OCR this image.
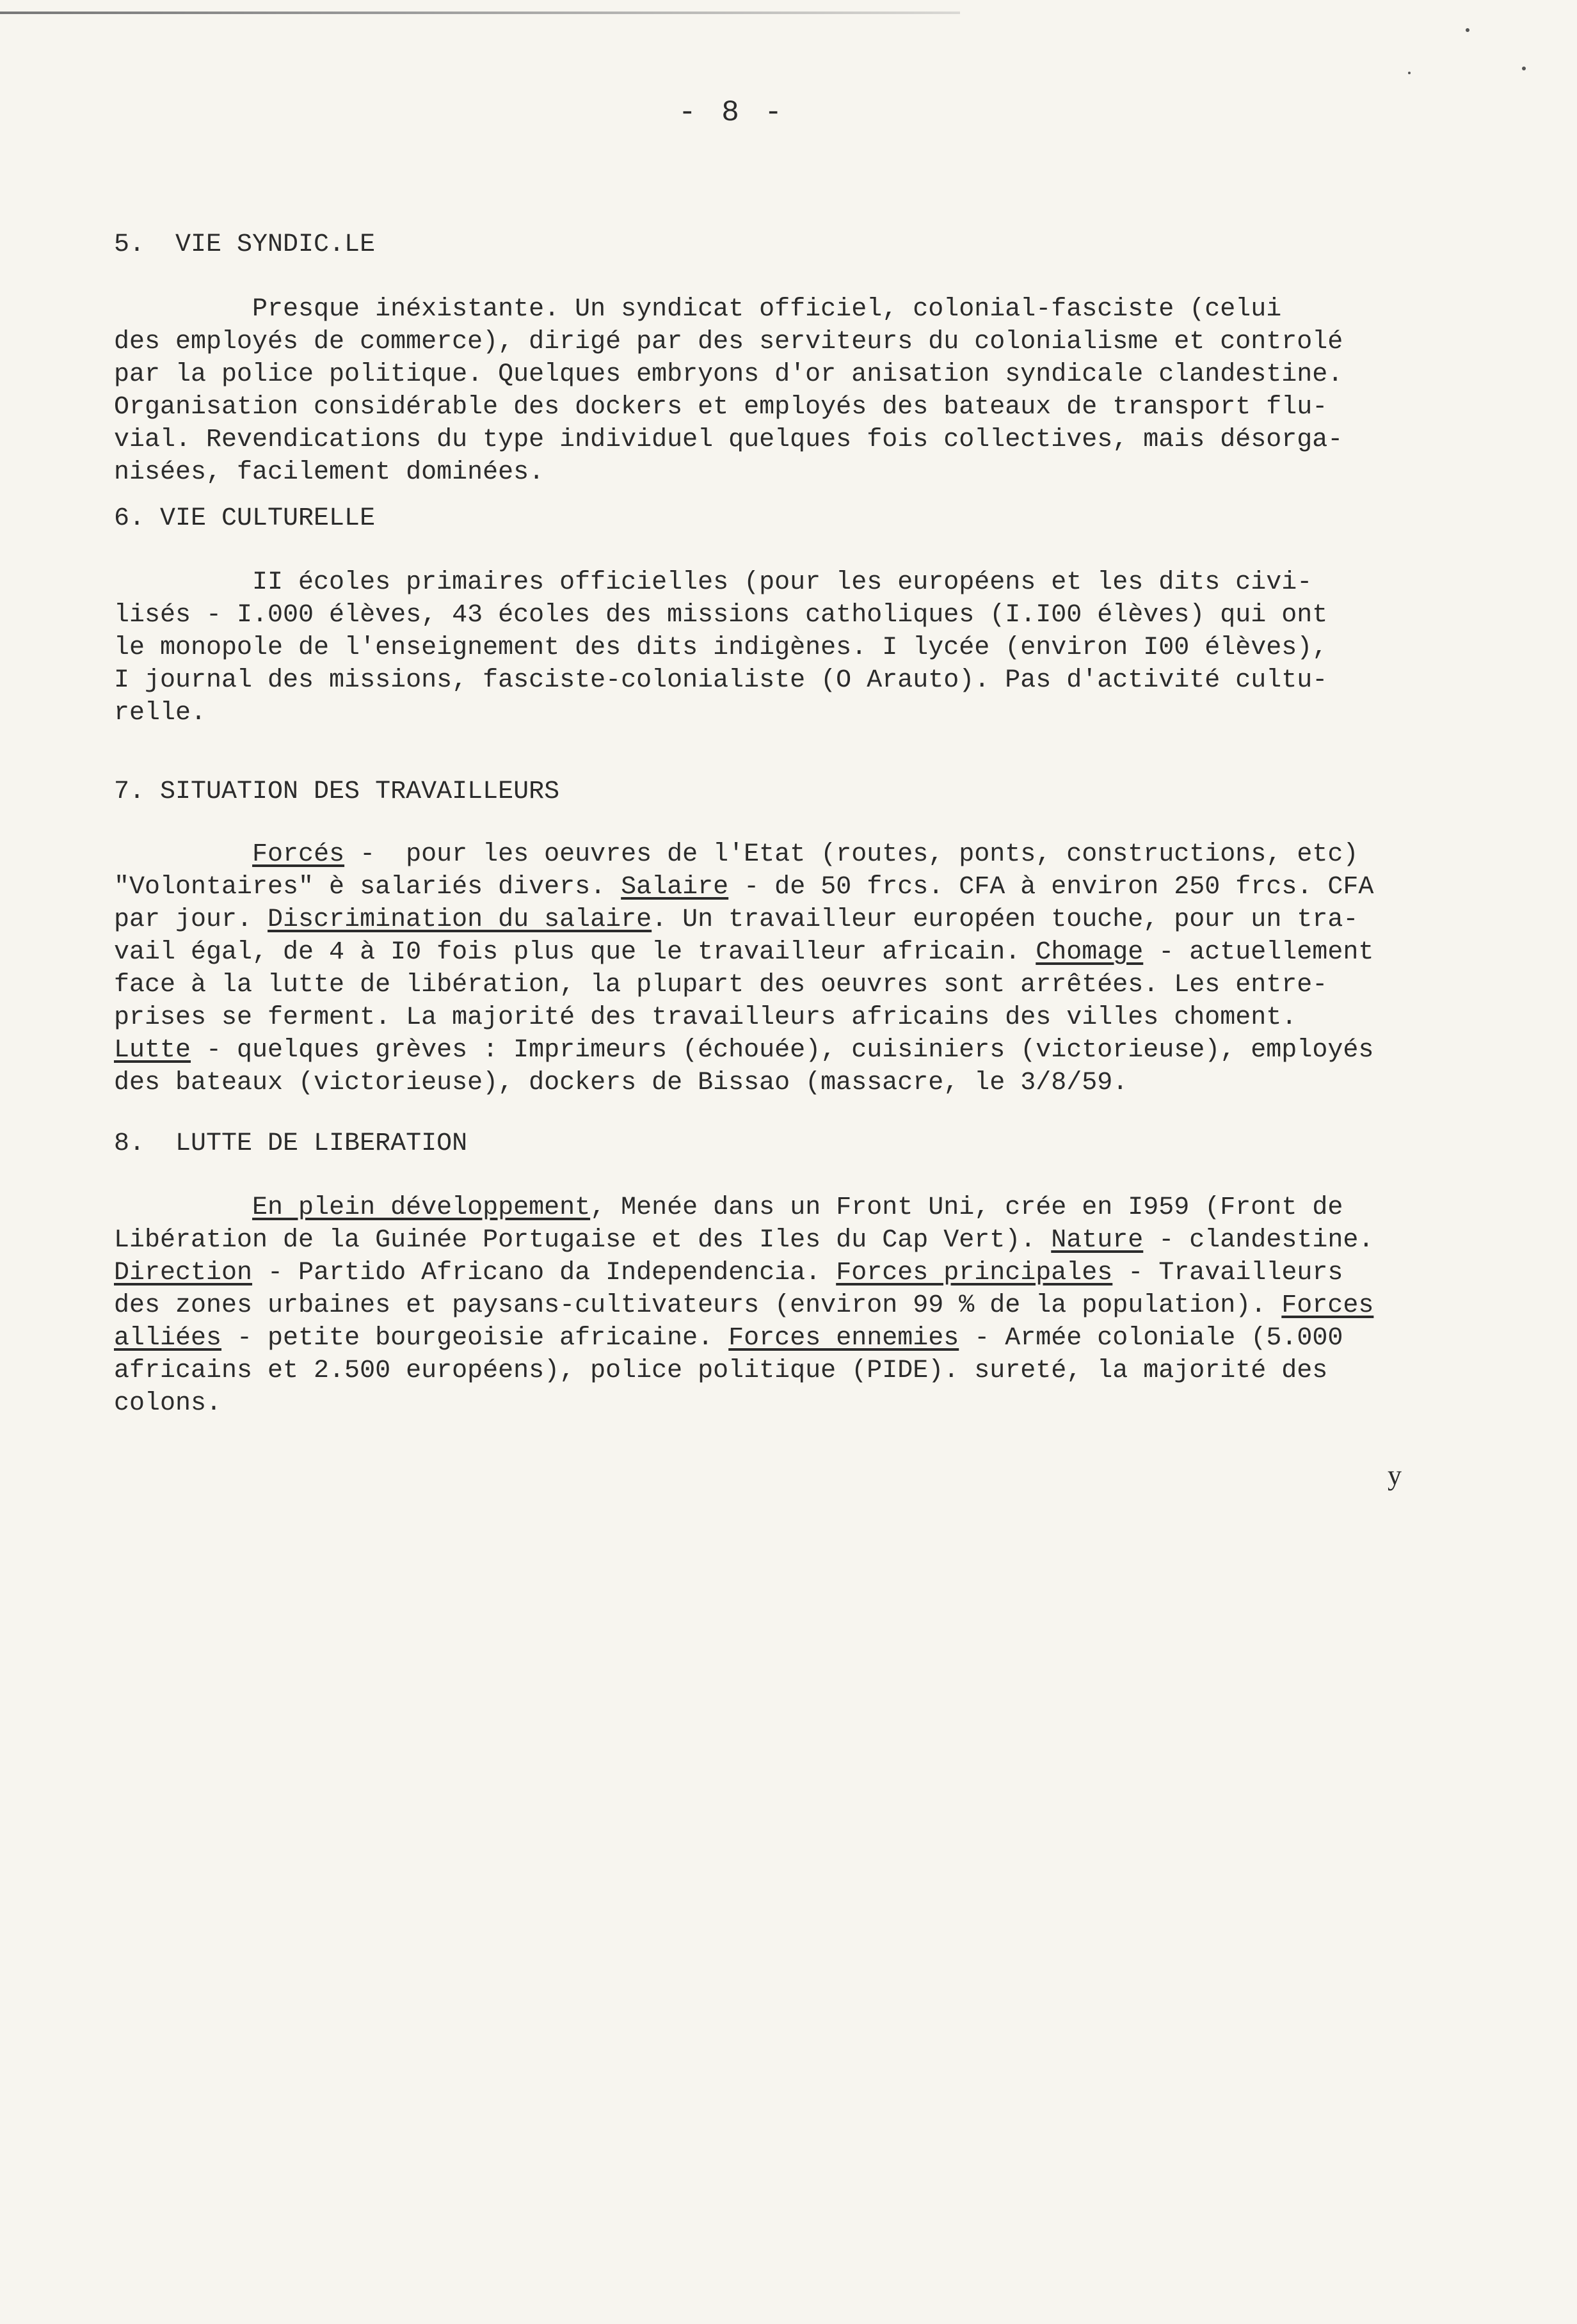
- 8 -
5.  VIE SYNDIC.LE
Presque inéxistante. Un syndicat officiel, colonial-fasciste (celui
des employés de commerce), dirigé par des serviteurs du colonialisme et controlé
par la police politique. Quelques embryons d'or anisation syndicale clandestine.
Organisation considérable des dockers et employés des bateaux de transport flu-
vial. Revendications du type individuel quelques fois collectives, mais désorga-
nisées, facilement dominées.
6. VIE CULTURELLE
II écoles primaires officielles (pour les européens et les dits civi-
lisés - I.000 élèves, 43 écoles des missions catholiques (I.I00 élèves) qui ont
le monopole de l'enseignement des dits indigènes. I lycée (environ I00 élèves),
I journal des missions, fasciste-colonialiste (O Arauto). Pas d'activité cultu-
relle.
7. SITUATION DES TRAVAILLEURS
Forcés -  pour les oeuvres de l'Etat (routes, ponts, constructions, etc)
"Volontaires" è salariés divers. Salaire - de 50 frcs. CFA à environ 250 frcs. CFA
par jour. Discrimination du salaire. Un travailleur européen touche, pour un tra-
vail égal, de 4 à I0 fois plus que le travailleur africain. Chomage - actuellement
face à la lutte de libération, la plupart des oeuvres sont arrêtées. Les entre-
prises se ferment. La majorité des travailleurs africains des villes choment.
Lutte - quelques grèves : Imprimeurs (échouée), cuisiniers (victorieuse), employés
des bateaux (victorieuse), dockers de Bissao (massacre, le 3/8/59.
8.  LUTTE DE LIBERATION
En plein développement, Menée dans un Front Uni, crée en I959 (Front de
Libération de la Guinée Portugaise et des Iles du Cap Vert). Nature - clandestine.
Direction - Partido Africano da Independencia. Forces principales - Travailleurs
des zones urbaines et paysans-cultivateurs (environ 99 % de la population). Forces
alliées - petite bourgeoisie africaine. Forces ennemies - Armée coloniale (5.000
africains et 2.500 européens), police politique (PIDE). sureté, la majorité des
colons.
y
